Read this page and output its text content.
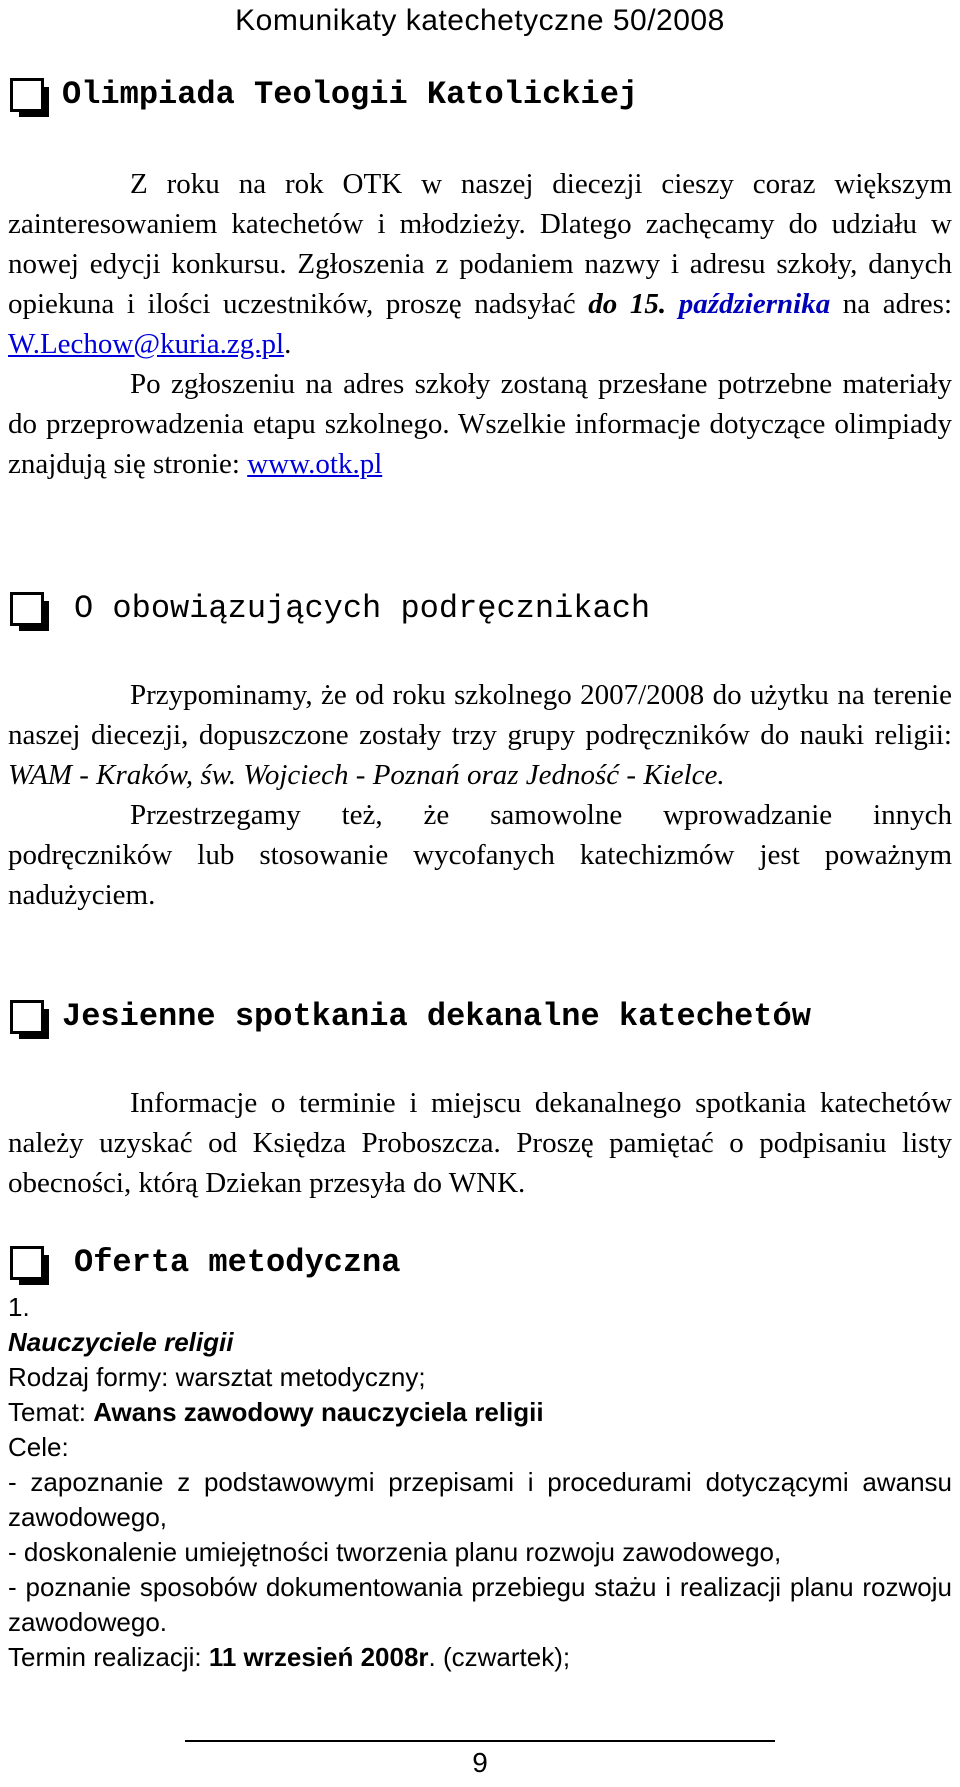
Komunikaty katechetyczne 50/2008
Olimpiada Teologii Katolickiej

Z roku na rok OTK w naszej diecezji cieszy coraz większym zainteresowaniem katechetów i młodzieży. Dlatego zachęcamy do udziału w nowej edycji konkursu. Zgłoszenia z podaniem nazwy i adresu szkoły, danych opiekuna i ilości uczestników, proszę nadsyłać do 15. października na adres: W.Lechow@kuria.zg.pl.

Po zgłoszeniu na adres szkoły zostaną przesłane potrzebne materiały do przeprowadzenia etapu szkolnego. Wszelkie informacje dotyczące olimpiady znajdują się stronie: www.otk.pl

O obowiązujących podręcznikach

Przypominamy, że od roku szkolnego 2007/2008 do użytku na terenie naszej diecezji, dopuszczone zostały trzy grupy podręczników do nauki religii: WAM - Kraków, św. Wojciech - Poznań oraz Jedność - Kielce.

Przestrzegamy też, że samowolne wprowadzanie innych podręczników lub stosowanie wycofanych katechizmów jest poważnym nadużyciem.

Jesienne spotkania dekanalne katechetów

Informacje o terminie i miejscu dekanalnego spotkania katechetów należy uzyskać od Księdza Proboszcza. Proszę pamiętać o podpisaniu listy obecności, którą Dziekan przesyła do WNK.

Oferta metodyczna

1.

Nauczyciele religii

Rodzaj formy: warsztat metodyczny;

Temat: Awans zawodowy nauczyciela religii

Cele:

- zapoznanie z podstawowymi przepisami i procedurami dotyczącymi awansu zawodowego,

- doskonalenie umiejętności tworzenia planu rozwoju zawodowego,

- poznanie sposobów dokumentowania przebiegu stażu i realizacji planu rozwoju zawodowego.

Termin realizacji: 11 wrzesień 2008r. (czwartek);

9
